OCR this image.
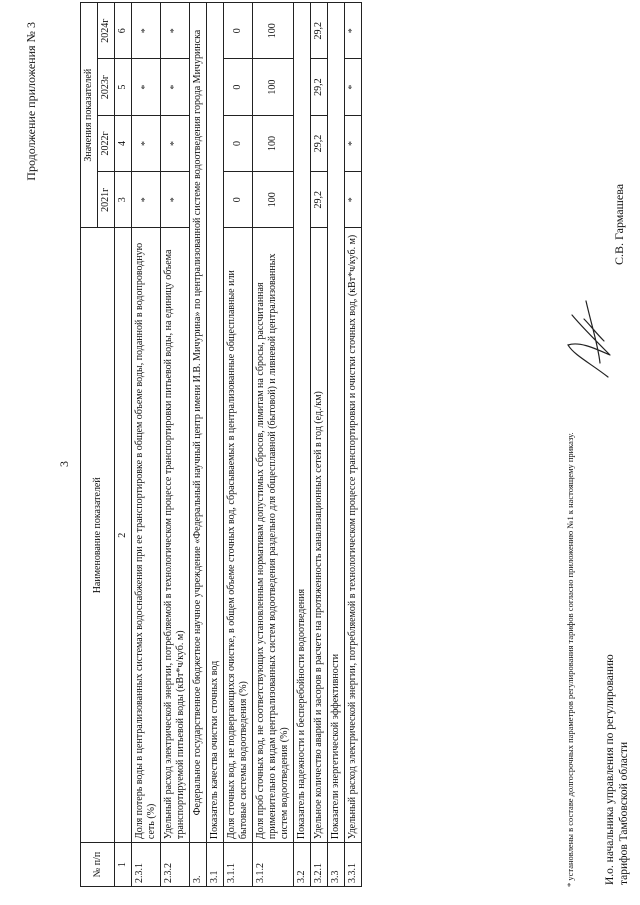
3
Продолжение приложения № 3
№ п/п	Наименование показателей	Значения показателей			
		2021г	2022г	2023г	2024г
1	2	3	4	5	6
2.3.1	Доля потерь воды в централизованных системах водоснабжения при ее транспортировке в общем объеме воды, поданной в водопроводную сеть (%)	*	*	*	*
2.3.2	Удельный расход электрической энергии, потребляемой в технологическом процессе транспортировки питьевой воды, на единицу объема транспортируемой питьевой воды (кВт*ч/куб. м)	*	*	*	*
3.	Федеральное государственное бюджетное научное учреждение «Федеральный научный центр имени И.В. Мичурина» по централизованной системе водоотведения города Мичуринска				
3.1	Показатель качества очистки сточных вод				
3.1.1	Доля сточных вод, не подвергающихся очистке, в общем объеме сточных вод, сбрасываемых в централизованные общесплавные или бытовые системы водоотведения (%)	0	0	0	0
3.1.2	Доля проб сточных вод, не соответствующих установленным нормативам допустимых сбросов, лимитам на сбросы, рассчитанная применительно к видам централизованных систем водоотведения раздельно для общесплавной (бытовой) и ливневой централизованных систем водоотведения (%)	100	100	100	100
3.2	Показатель надежности и бесперебойности водоотведения				
3.2.1	Удельное количество аварий и засоров в расчете на протяженность канализационных сетей в год (ед./км)	29,2	29,2	29,2	29,2
3.3	Показатели энергетической эффективности				
3.3.1	Удельный расход электрической энергии, потребляемой в технологическом процессе транспортировки и очистки сточных вод, (кВт*ч/куб. м)	*	*	*	*
* установлены в составе долгосрочных параметров регулирования тарифов согласно приложению №1 к настоящему приказу.	И.о. начальника управления по регулированию тарифов Тамбовской области
С.В. Гармашева
